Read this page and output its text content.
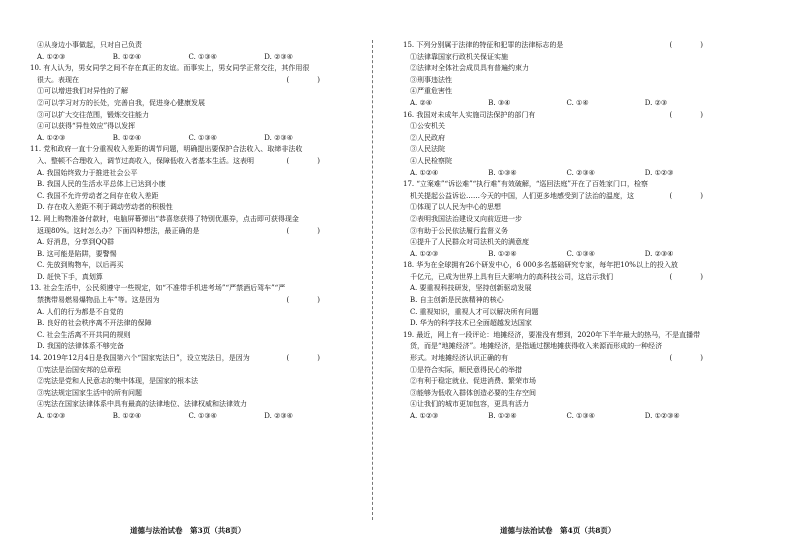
④从身边小事做起，只对自己负责
A. ①②③	B. ①②④	C. ①③④	D. ②③④
10. 有人认为，男女同学之间不存在真正的友谊。而事实上，男女同学正常交往，其作用很
(　　　　)
很大。表现在
①可以增进我们对异性的了解
②可以学习对方的长处，完善自我，促进身心健康发展
③可以扩大交往范围，锻炼交往能力
④可以获得“异性效应”得以发挥
A. ①②③	B. ①②④	C. ①③④	D. ②③④
11. 党和政府一直十分重视收入差距的调节问题，明确提出要保护合法收入、取缔非法收
(　　　　)
入、整顿不合理收入，调节过高收入，保障低收入者基本生活。这表明
A. 我国始终致力于推进社会公平
B. 我国人民的生活水平总体上已达到小康
C. 我国不允许劳动者之间存在收入差距
D. 存在收入差距不利于调动劳动者的积极性
12. 网上购物准备付款时，电脑屏幕弹出“恭喜您获得了特别优惠券，点击即可获得现金
(　　　　)
返现80%。这时怎么办？下面四种想法，最正确的是
A. 好消息，分享到QQ群
B. 这可能是陷阱，要警惕
C. 先放到购物车，以后再买
D. 赶快下手，真划算
13. 社会生活中，公民须遵守一些规定，如“不准带手机进考场”“严禁酒后驾车”“严
(　　　　)
禁携带易燃易爆物品上车”等。这是因为
A. 人们的行为都是不自觉的
B. 良好的社会秩序离不开法律的保障
C. 社会生活离不开共同的规则
D. 我国的法律体系不够完备
(　　　　)
14. 2019年12月4日是我国第六个“国家宪法日”，设立宪法日，是因为
①宪法是治国安邦的总章程
②宪法是党和人民意志的集中体现，是国家的根本法
③宪法规定国家生活中的所有问题
④宪法在国家法律体系中具有最高的法律地位、法律权威和法律效力
A. ①②③	B. ①②④	C. ①③④	D. ②③④
(　　　　)
15. 下列分别属于法律的特征和犯罪的法律标志的是
①法律靠国家行政机关保证实施
②法律对全体社会成员具有普遍约束力
③刑事违法性
④严重危害性
A. ②④	B. ③④	C. ①④	D. ②③
(　　　　)
16. 我国对未成年人实施司法保护的部门有
①公安机关
②人民政府
③人民法院
④人民检察院
A. ①②④	B. ①③④	C. ②③④	D. ①②③
17. “立案难”“诉讼难”“执行难”有效破解，“巡回法庭”开在了百姓家门口，检察
(　　　　)
机关提起公益诉讼……今天的中国，人们更多地感受到了法治的温度，这
①体现了以人民为中心的思想
②表明我国法治建设又向前迈进一步
③有助于公民依法履行监督义务
④提升了人民群众对司法机关的满意度
A. ①②③	B. ①②④	C. ①③④	D. ②③④
18. 华为在全球拥有26个研发中心，6 000多名基础研究专家，每年把10%以上的投入放
(　　　　)
千亿元，已成为世界上具有巨大影响力的高科技公司，这启示我们
A. 要重视科技研发，坚持创新驱动发展
B. 自主创新是民族精神的核心
C. 重视知识，重视人才可以解决所有问题
D. 华为的科学技术已全面超越发达国家
19. 最近，网上有一段评论：地摊经济，要准没有想到，2020年下半年最大的热马，不是直播带
货，而是“地摊经济”。地摊经济，是指通过摆地摊获得收入来源而形成的一种经济
(　　　　)
形式。对地摊经济认识正确的有
①是符合实际，顺民意得民心的举措
②有利于稳定就业、促进消费、繁荣市场
③能够为低收入群体创造必要的生存空间
④让我们的城市更加包容，更具有活力
A. ①②③	B. ①②④	C. ①③④	D. ①②③④
道德与法治试卷　第3页（共8页）	道德与法治试卷　第4页（共8页）
